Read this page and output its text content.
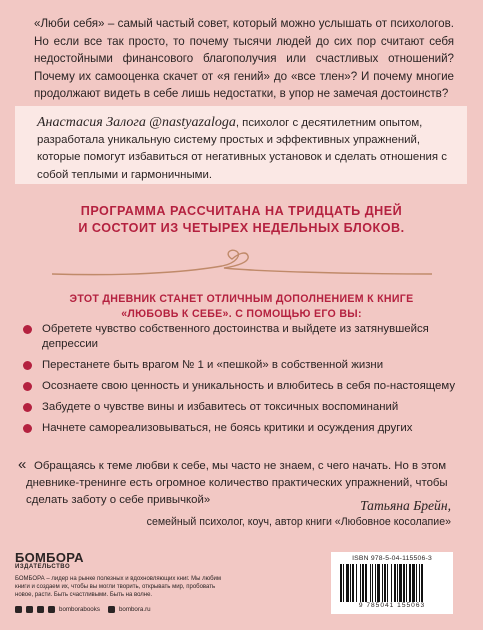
«Люби себя» – самый частый совет, который можно услышать от психологов. Но если все так просто, то почему тысячи людей до сих пор считают себя недостойными финансового благополучия или счастливых отношений? Почему их самооценка скачет от «я гений» до «все тлен»? И почему многие продолжают видеть в себе лишь недостатки, в упор не замечая достоинств?
Анастасия Залога @nastyazaloga, психолог с десятилетним опытом, разработала уникальную систему простых и эффективных упражнений, которые помогут избавиться от негативных установок и сделать отношения с собой теплыми и гармоничными.
ПРОГРАММА РАССЧИТАНА НА ТРИДЦАТЬ ДНЕЙ
И СОСТОИТ ИЗ ЧЕТЫРЕХ НЕДЕЛЬНЫХ БЛОКОВ.
ЭТОТ ДНЕВНИК СТАНЕТ ОТЛИЧНЫМ ДОПОЛНЕНИЕМ К КНИГЕ
«ЛЮБОВЬ К СЕБЕ». С ПОМОЩЬЮ ЕГО ВЫ:
Обретете чувство собственного достоинства и выйдете из затянувшейся депрессии
Перестанете быть врагом № 1 и «пешкой» в собственной жизни
Осознаете свою ценность и уникальность и влюбитесь в себя по-настоящему
Забудете о чувстве вины и избавитесь от токсичных воспоминаний
Начнете самореализовываться, не боясь критики и осуждения других
« Обращаясь к теме любви к себе, мы часто не знаем, с чего начать. Но в этом дневнике-тренинге есть огромное количество практических упражнений, чтобы сделать заботу о себе привычкой»	Татьяна Брейн,
семейный психолог, коуч, автор книги «Любовное косолапие»
БОМБОРА
ИЗДАТЕЛЬСТВО
БОМБОРА – лидер на рынке полезных и вдохновляющих книг. Мы любим книги и создаем их, чтобы вы могли творить, открывать мир, пробовать новое, расти. Быть счастливыми. Быть на волне.
bomborabooks	bombora.ru
ISBN 978-5-04-115506-3
9 785041 155063
